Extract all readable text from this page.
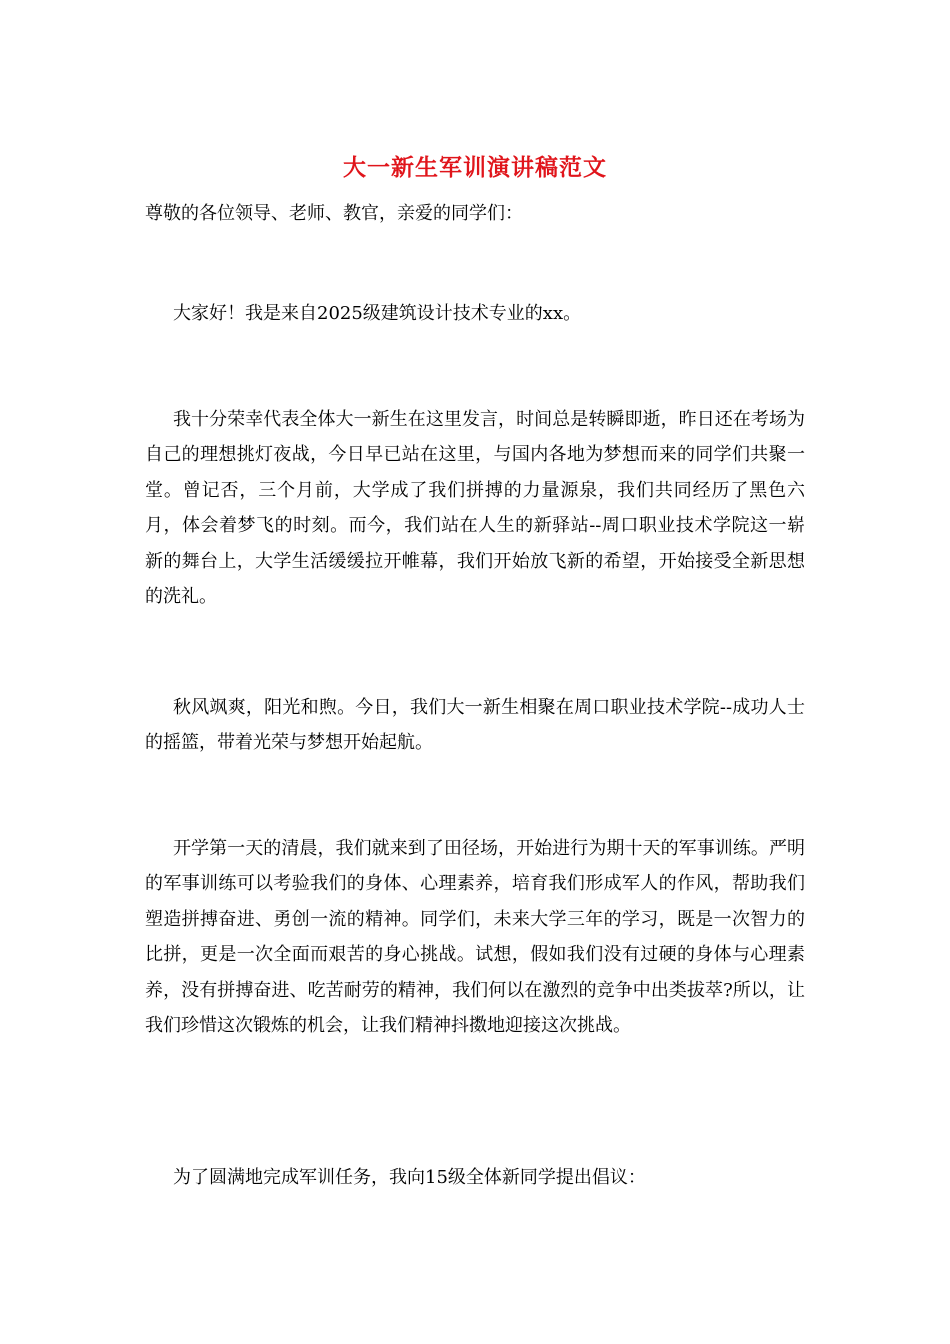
大一新生军训演讲稿范文

尊敬的各位领导、老师、教官，亲爱的同学们：

大家好！我是来自2025级建筑设计技术专业的xx。

我十分荣幸代表全体大一新生在这里发言，时间总是转瞬即逝，昨日还在考场为自己的理想挑灯夜战，今日早已站在这里，与国内各地为梦想而来的同学们共聚一堂。曾记否，三个月前，大学成了我们拼搏的力量源泉，我们共同经历了黑色六月，体会着梦飞的时刻。而今，我们站在人生的新驿站--周口职业技术学院这一崭新的舞台上，大学生活缓缓拉开帷幕，我们开始放飞新的希望，开始接受全新思想的洗礼。

秋风飒爽，阳光和煦。今日，我们大一新生相聚在周口职业技术学院--成功人士的摇篮，带着光荣与梦想开始起航。

开学第一天的清晨，我们就来到了田径场，开始进行为期十天的军事训练。严明的军事训练可以考验我们的身体、心理素养，培育我们形成军人的作风，帮助我们塑造拼搏奋进、勇创一流的精神。同学们，未来大学三年的学习，既是一次智力的比拼，更是一次全面而艰苦的身心挑战。试想，假如我们没有过硬的身体与心理素养，没有拼搏奋进、吃苦耐劳的精神，我们何以在激烈的竞争中出类拔萃?所以，让我们珍惜这次锻炼的机会，让我们精神抖擞地迎接这次挑战。

为了圆满地完成军训任务，我向15级全体新同学提出倡议：
